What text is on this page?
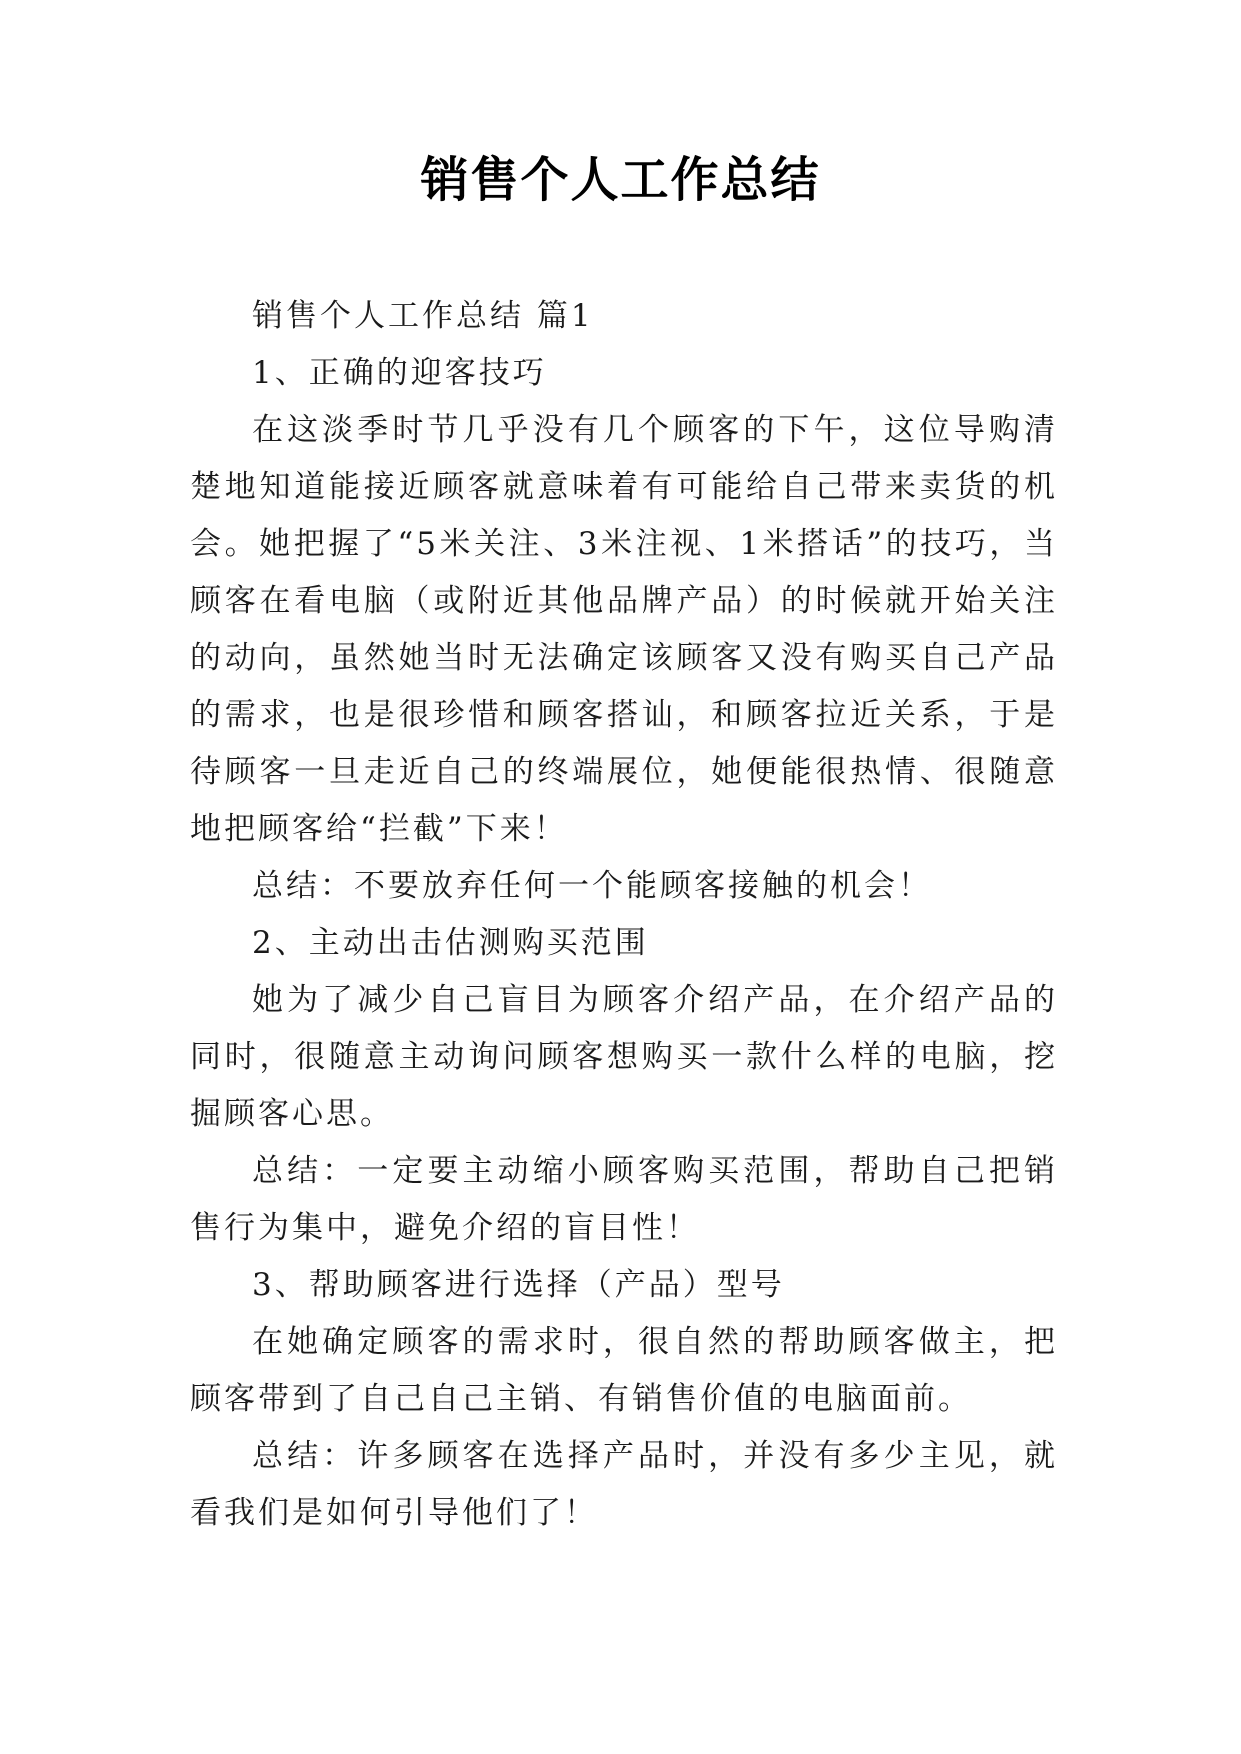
销售个人工作总结

销售个人工作总结 篇1

1、正确的迎客技巧

在这淡季时节几乎没有几个顾客的下午，这位导购清楚地知道能接近顾客就意味着有可能给自己带来卖货的机会。她把握了“5米关注、3米注视、1米搭话”的技巧，当顾客在看电脑（或附近其他品牌产品）的时候就开始关注的动向，虽然她当时无法确定该顾客又没有购买自己产品的需求，也是很珍惜和顾客搭讪，和顾客拉近关系，于是待顾客一旦走近自己的终端展位，她便能很热情、很随意地把顾客给“拦截”下来！

总结：不要放弃任何一个能顾客接触的机会！

2、主动出击估测购买范围

她为了减少自己盲目为顾客介绍产品，在介绍产品的同时，很随意主动询问顾客想购买一款什么样的电脑，挖掘顾客心思。

总结：一定要主动缩小顾客购买范围，帮助自己把销售行为集中，避免介绍的盲目性！

3、帮助顾客进行选择（产品）型号

在她确定顾客的需求时，很自然的帮助顾客做主，把顾客带到了自己自己主销、有销售价值的电脑面前。

总结：许多顾客在选择产品时，并没有多少主见，就看我们是如何引导他们了！
